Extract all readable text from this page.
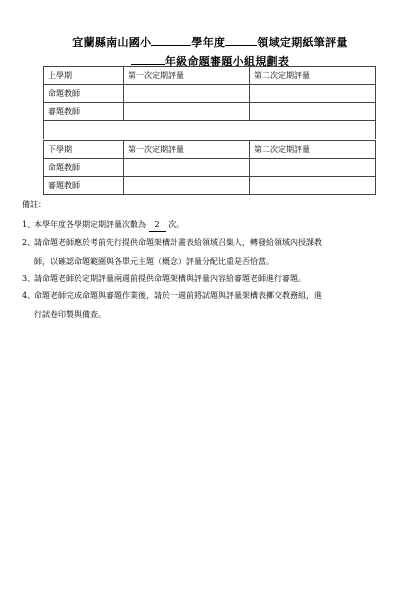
宜蘭縣南山國小	學年度	領域定期紙筆評量
年級命題審題小組規劃表
上學期	第一次定期評量	第二次定期評量
命題教師		
審題教師		
下學期	第一次定期評量	第二次定期評量
命題教師		
審題教師		
備註：
1、
本學年度各學期定期評量次數為 2 次。
2、
請命題老師應於考前先行提供命題架構計畫表給領域召集人，轉發給領域內授課教
師，以確認命題範圍與各單元主題（概念）評量分配比重是否恰當。
3、
請命題老師於定期評量兩週前提供命題架構與評量內容給審題老師進行審題。
4、
命題老師完成命題與審題作業後，請於一週前將試題與評量架構表擲交教務組，進
行試卷印製與備查。
